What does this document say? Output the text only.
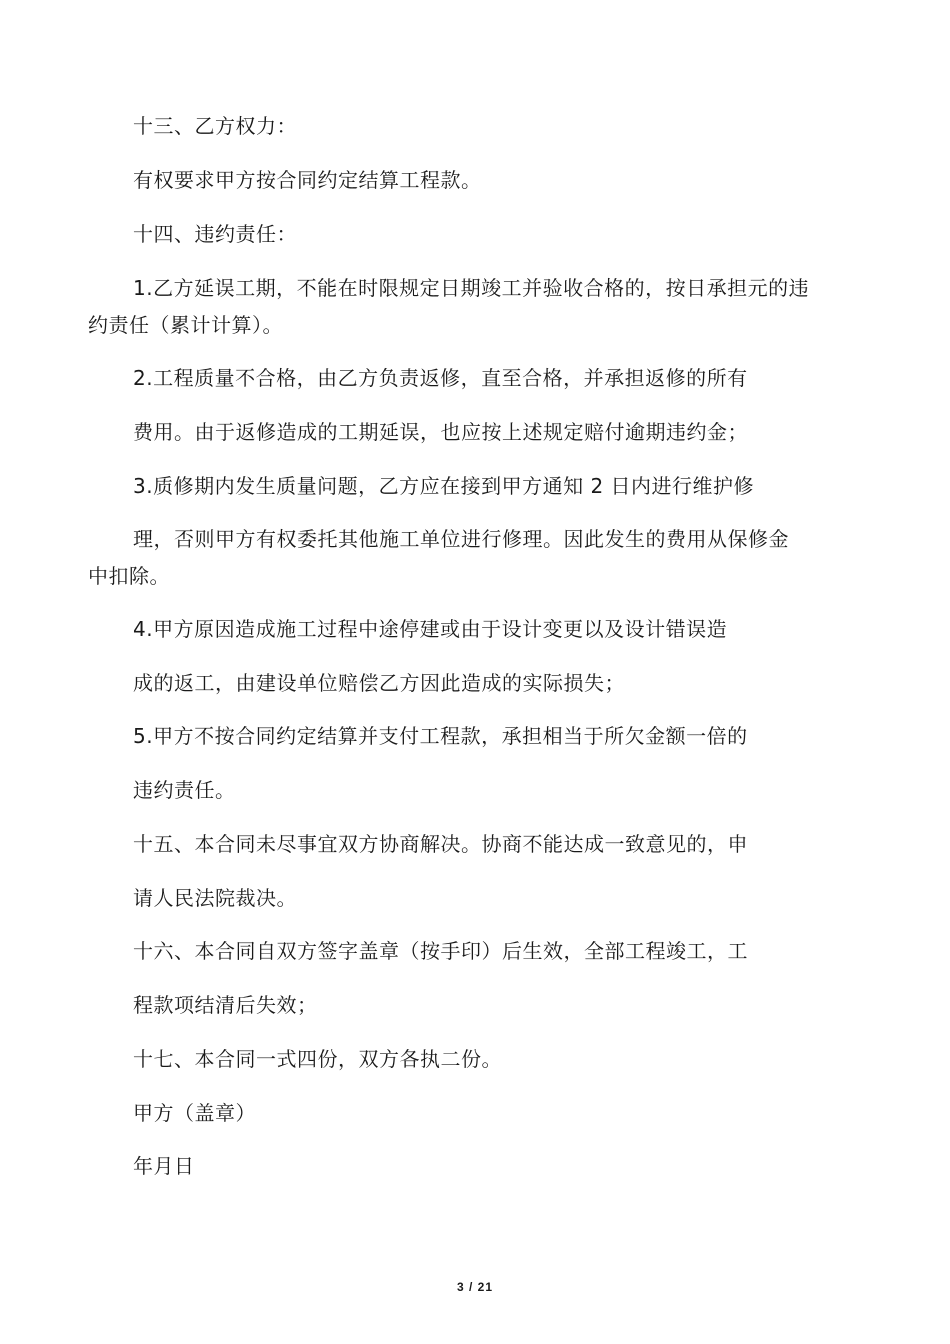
十三、乙方权力：
有权要求甲方按合同约定结算工程款。
十四、违约责任：
1.乙方延误工期，不能在时限规定日期竣工并验收合格的，按日承担元的违
约责任（累计计算）。
2.工程质量不合格，由乙方负责返修，直至合格，并承担返修的所有
费用。由于返修造成的工期延误，也应按上述规定赔付逾期违约金；
3.质修期内发生质量问题，乙方应在接到甲方通知 2 日内进行维护修
理，否则甲方有权委托其他施工单位进行修理。因此发生的费用从保修金
中扣除。
4.甲方原因造成施工过程中途停建或由于设计变更以及设计错误造
成的返工，由建设单位赔偿乙方因此造成的实际损失；
5.甲方不按合同约定结算并支付工程款，承担相当于所欠金额一倍的
违约责任。
十五、本合同未尽事宜双方协商解决。协商不能达成一致意见的，申
请人民法院裁决。
十六、本合同自双方签字盖章（按手印）后生效，全部工程竣工，工
程款项结清后失效；
十七、本合同一式四份，双方各执二份。
甲方（盖章）
年月日
3 / 21
